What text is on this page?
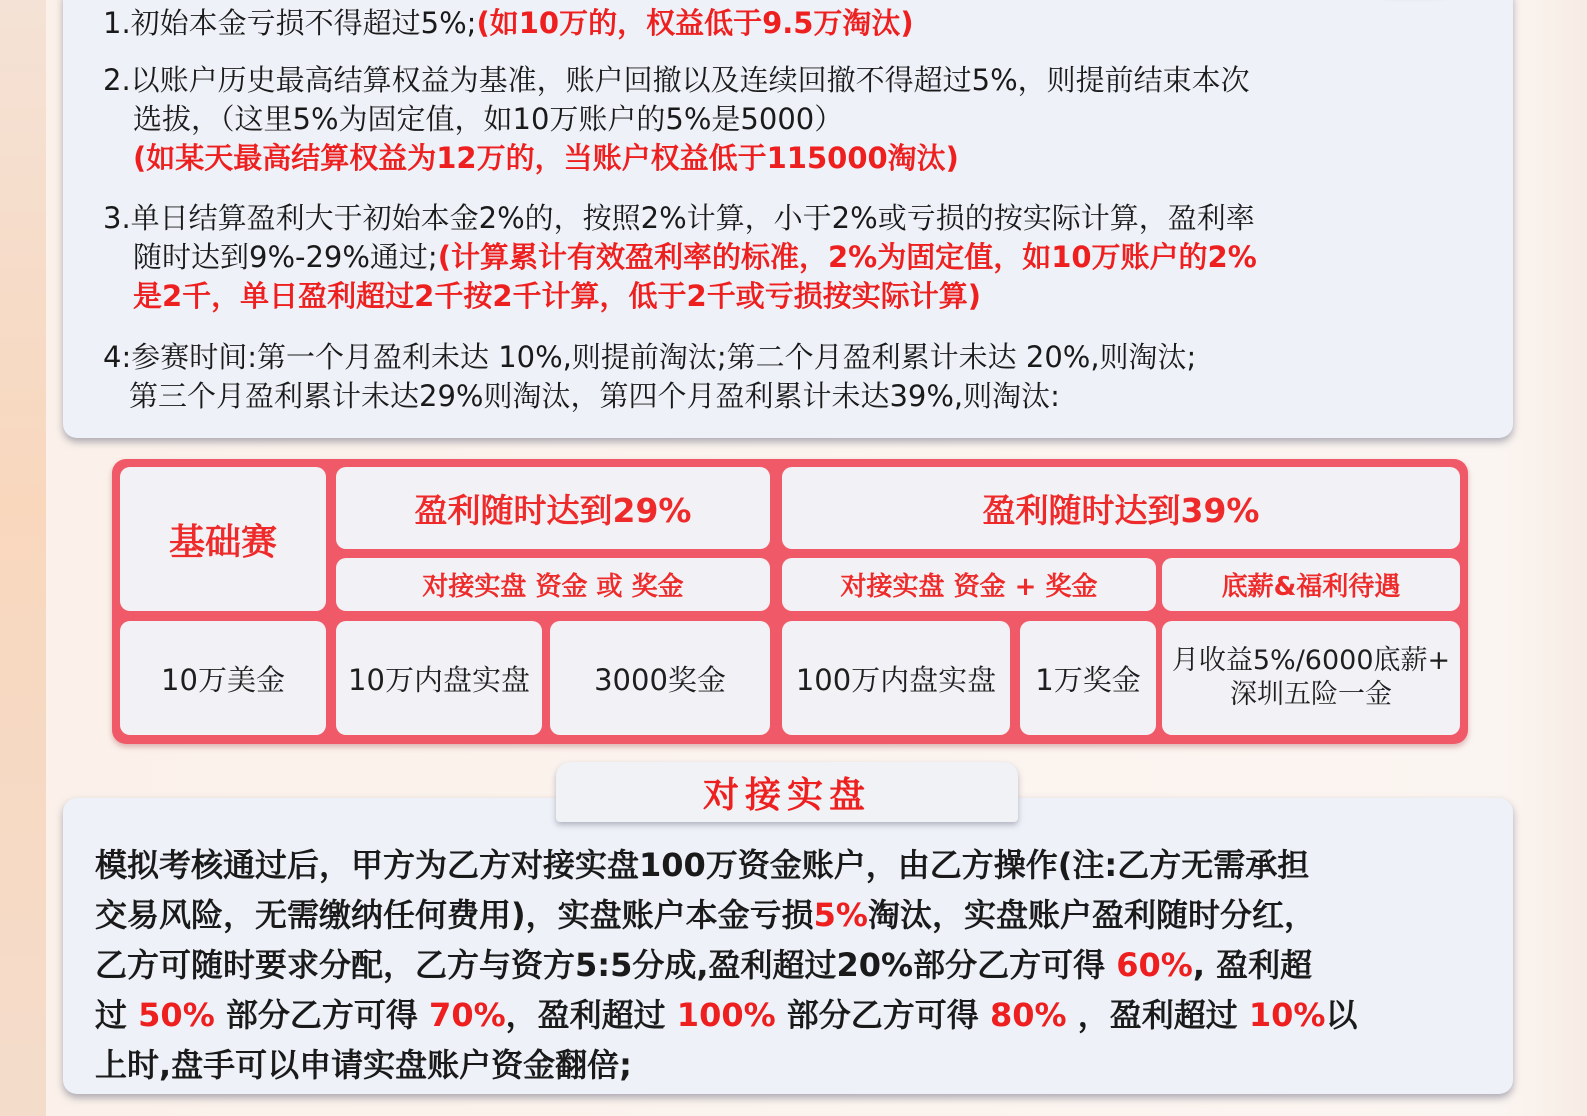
1.初始本金亏损不得超过5%;(如10万的，权益低于9.5万淘汰)

2.以账户历史最高结算权益为基准，账户回撤以及连续回撤不得超过5%，则提前结束本次
选拔，（这里5%为固定值，如10万账户的5%是5000）
(如某天最高结算权益为12万的，当账户权益低于115000淘汰)
3.单日结算盈利大于初始本金2%的，按照2%计算，小于2%或亏损的按实际计算，盈利率
随时达到9%-29%通过;(计算累计有效盈利率的标准，2%为固定值，如10万账户的2%
是2千，单日盈利超过2千按2千计算，低于2千或亏损按实际计算)
4:参赛时间:第一个月盈利未达 10%,则提前淘汰;第二个月盈利累计未达 20%,则淘汰;
第三个月盈利累计未达29%则淘汰，第四个月盈利累计未达39%,则淘汰:
基础赛
盈利随时达到29%	盈利随时达到39%
对接实盘 资金 或 奖金	对接实盘 资金 + 奖金	底薪&福利待遇
10万美金	10万内盘实盘	3000奖金	100万内盘实盘	1万奖金
月收益5%/6000底薪+
深圳五险一金
对接实盘
模拟考核通过后，甲方为乙方对接实盘100万资金账户，由乙方操作(注:乙方无需承担
交易风险，无需缴纳任何费用)，实盘账户本金亏损5%淘汰，实盘账户盈利随时分红，
乙方可随时要求分配，乙方与资方5:5分成,盈利超过20%部分乙方可得 60%, 盈利超
过 50% 部分乙方可得 70%，盈利超过 100% 部分乙方可得 80% ，盈利超过 10%以
上时,盘手可以申请实盘账户资金翻倍;
